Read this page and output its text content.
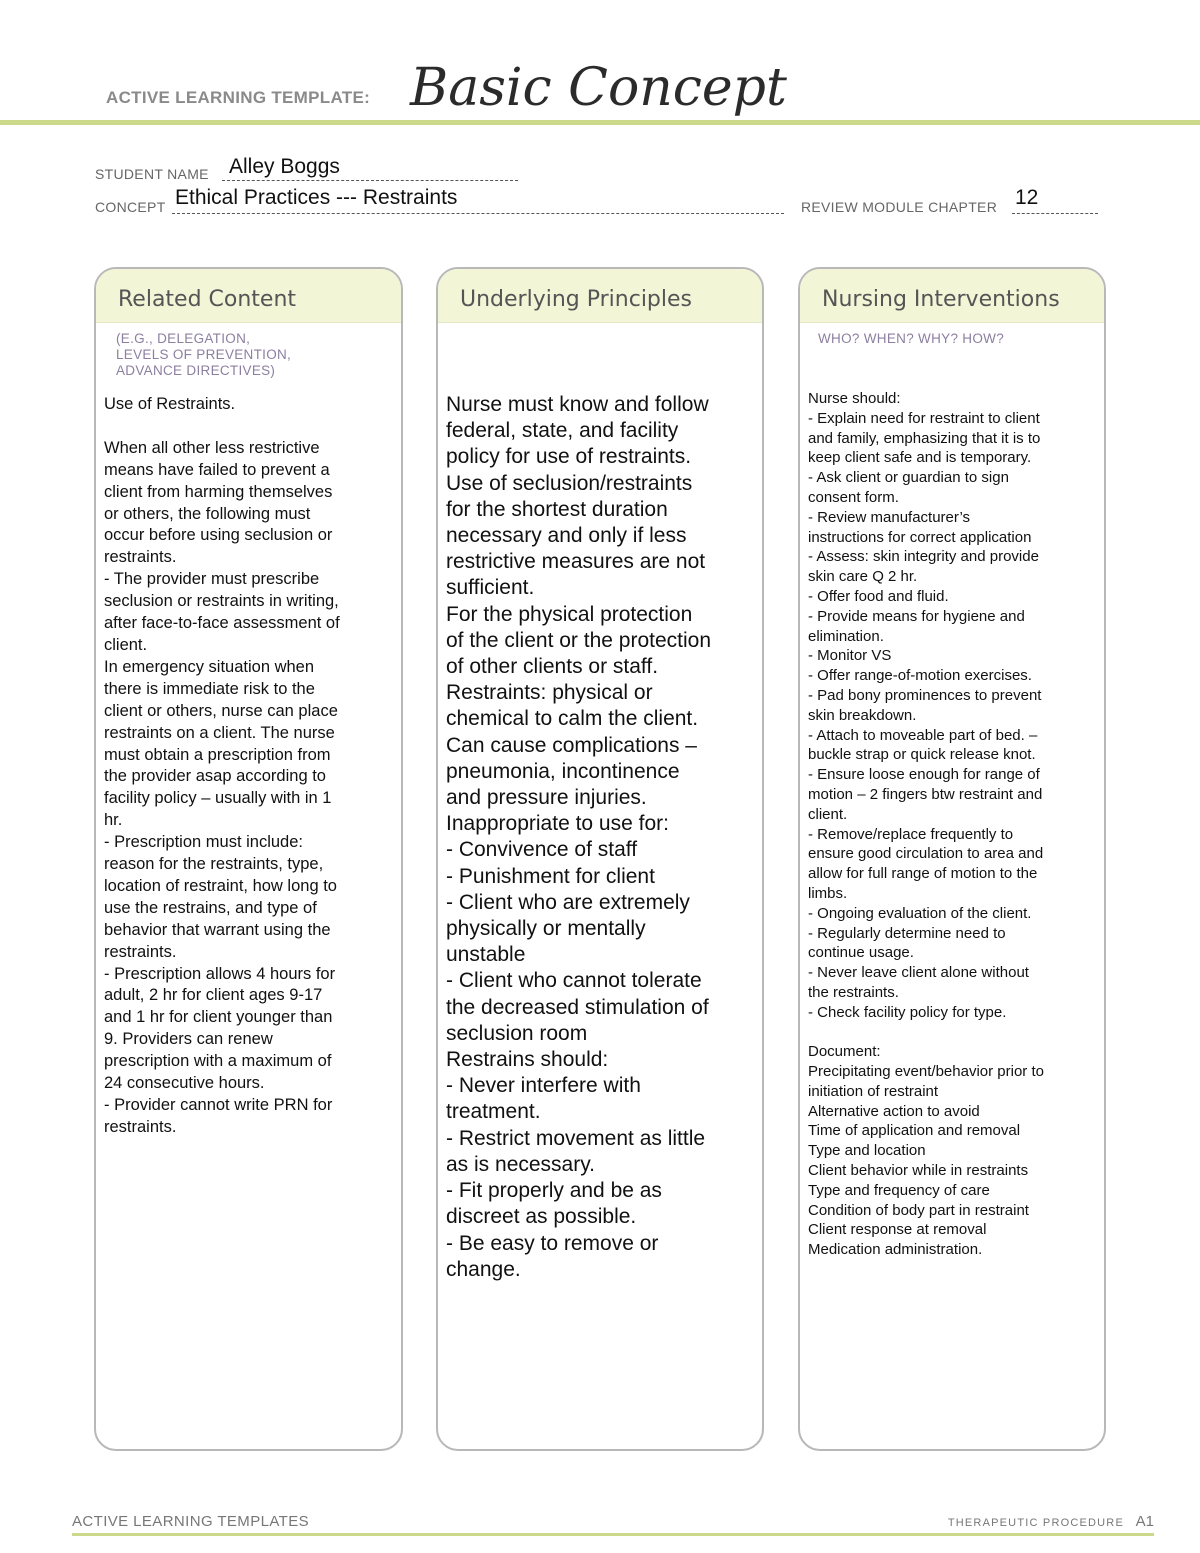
ACTIVE LEARNING TEMPLATE: Basic Concept
STUDENT NAME Alley Boggs
CONCEPT Ethical Practices --- Restraints	REVIEW MODULE CHAPTER 12
Related Content
(E.G., DELEGATION,
LEVELS OF PREVENTION,
ADVANCE DIRECTIVES)
Use of Restraints.

When all other less restrictive
means have failed to prevent a
client from harming themselves
or others, the following must
occur before using seclusion or
restraints.
- The provider must prescribe
seclusion or restraints in writing,
after face-to-face assessment of
client.
In emergency situation when
there is immediate risk to the
client or others, nurse can place
restraints on a client. The nurse
must obtain a prescription from
the provider asap according to
facility policy – usually with in 1
hr.
- Prescription must include:
reason for the restraints, type,
location of restraint, how long to
use the restrains, and type of
behavior that warrant using the
restraints.
- Prescription allows 4 hours for
adult, 2 hr for client ages 9-17
and 1 hr for client younger than
9. Providers can renew
prescription with a maximum of
24 consecutive hours.
- Provider cannot write PRN for
restraints.
Underlying Principles
Nurse must know and follow
federal, state, and facility
policy for use of restraints.
Use of seclusion/restraints
for the shortest duration
necessary and only if less
restrictive measures are not
sufficient.
For the physical protection
of the client or the protection
of other clients or staff.
Restraints: physical or
chemical to calm the client.
Can cause complications –
pneumonia, incontinence
and pressure injuries.
Inappropriate to use for:
- Convivence of staff
- Punishment for client
- Client who are extremely
physically or mentally
unstable
- Client who cannot tolerate
the decreased stimulation of
seclusion room
Restrains should:
- Never interfere with
treatment.
- Restrict movement as little
as is necessary.
- Fit properly and be as
discreet as possible.
- Be easy to remove or
change.
Nursing Interventions
WHO? WHEN? WHY? HOW?
Nurse should:
- Explain need for restraint to client
and family, emphasizing that it is to
keep client safe and is temporary.
- Ask client or guardian to sign
consent form.
- Review manufacturer’s
instructions for correct application
- Assess: skin integrity and provide
skin care Q 2 hr.
- Offer food and fluid.
- Provide means for hygiene and
elimination.
- Monitor VS
- Offer range-of-motion exercises.
- Pad bony prominences to prevent
skin breakdown.
- Attach to moveable part of bed. –
buckle strap or quick release knot.
- Ensure loose enough for range of
motion – 2 fingers btw restraint and
client.
- Remove/replace frequently to
ensure good circulation to area and
allow for full range of motion to the
limbs.
- Ongoing evaluation of the client.
- Regularly determine need to
continue usage.
- Never leave client alone without
the restraints.
- Check facility policy for type.

Document:
Precipitating event/behavior prior to
initiation of restraint
Alternative action to avoid
Time of application and removal
Type and location
Client behavior while in restraints
Type and frequency of care
Condition of body part in restraint
Client response at removal
Medication administration.
ACTIVE LEARNING TEMPLATES	THERAPEUTIC PROCEDURE A1
